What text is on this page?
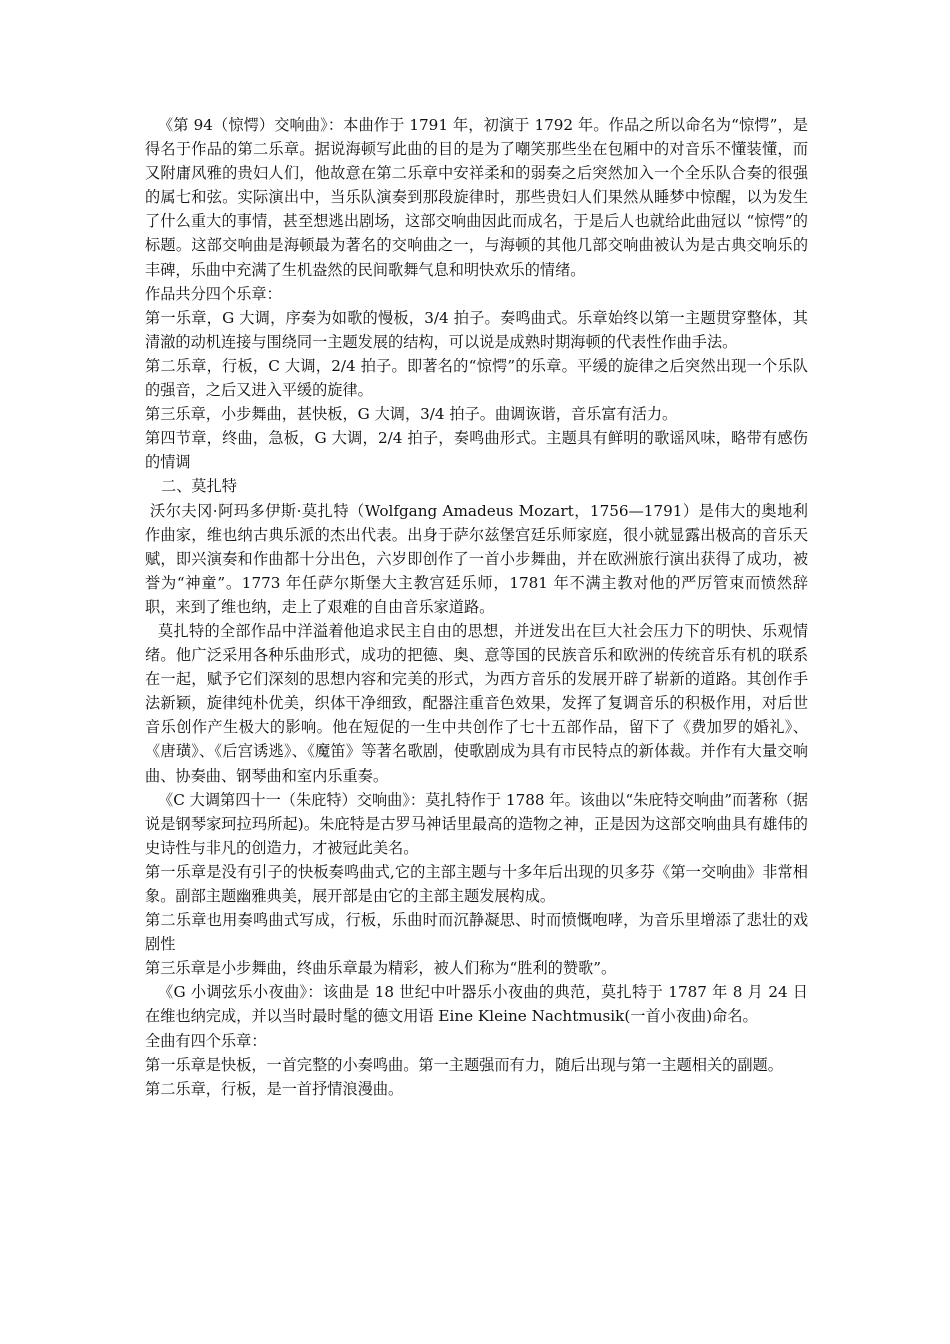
《第 94（惊愕）交响曲》：本曲作于 1791 年，初演于 1792 年。作品之所以命名为“惊愕”，是得名于作品的第二乐章。据说海顿写此曲的目的是为了嘲笑那些坐在包厢中的对音乐不懂装懂，而又附庸风雅的贵妇人们，他故意在第二乐章中安祥柔和的弱奏之后突然加入一个全乐队合奏的很强的属七和弦。实际演出中，当乐队演奏到那段旋律时，那些贵妇人们果然从睡梦中惊醒，以为发生了什么重大的事情，甚至想逃出剧场，这部交响曲因此而成名，于是后人也就给此曲冠以 “惊愕”的标题。这部交响曲是海顿最为著名的交响曲之一，与海顿的其他几部交响曲被认为是古典交响乐的丰碑，乐曲中充满了生机盎然的民间歌舞气息和明快欢乐的情绪。

作品共分四个乐章：

第一乐章，G 大调，序奏为如歌的慢板，3/4 拍子。奏鸣曲式。乐章始终以第一主题贯穿整体，其清澈的动机连接与围绕同一主题发展的结构，可以说是成熟时期海顿的代表性作曲手法。

第二乐章，行板，C 大调，2/4 拍子。即著名的“惊愕”的乐章。平缓的旋律之后突然出现一个乐队的强音，之后又进入平缓的旋律。

第三乐章，小步舞曲，甚快板，G 大调，3/4 拍子。曲调诙谐，音乐富有活力。

第四节章，终曲，急板，G 大调，2/4 拍子，奏鸣曲形式。主题具有鲜明的歌谣风味，略带有感伤的情调

二、莫扎特

沃尔夫冈·阿玛多伊斯·莫扎特（Wolfgang Amadeus Mozart，1756—1791）是伟大的奥地利作曲家，维也纳古典乐派的杰出代表。出身于萨尔兹堡宫廷乐师家庭，很小就显露出极高的音乐天赋，即兴演奏和作曲都十分出色，六岁即创作了一首小步舞曲，并在欧洲旅行演出获得了成功，被誉为“神童”。1773 年任萨尔斯堡大主教宫廷乐师，1781 年不满主教对他的严厉管束而愤然辞职，来到了维也纳，走上了艰难的自由音乐家道路。

莫扎特的全部作品中洋溢着他追求民主自由的思想，并迸发出在巨大社会压力下的明快、乐观情绪。他广泛采用各种乐曲形式，成功的把德、奥、意等国的民族音乐和欧洲的传统音乐有机的联系在一起，赋予它们深刻的思想内容和完美的形式，为西方音乐的发展开辟了崭新的道路。其创作手法新颖，旋律纯朴优美，织体干净细致，配器注重音色效果，发挥了复调音乐的积极作用，对后世音乐创作产生极大的影响。他在短促的一生中共创作了七十五部作品，留下了《费加罗的婚礼》、《唐璜》、《后宫诱逃》、《魔笛》等著名歌剧，使歌剧成为具有市民特点的新体裁。并作有大量交响曲、协奏曲、钢琴曲和室内乐重奏。

《C 大调第四十一（朱庇特）交响曲》：莫扎特作于 1788 年。该曲以“朱庇特交响曲”而著称（据说是钢琴家珂拉玛所起)。朱庇特是古罗马神话里最高的造物之神，正是因为这部交响曲具有雄伟的史诗性与非凡的创造力，才被冠此美名。

第一乐章是没有引子的快板奏鸣曲式,它的主部主题与十多年后出现的贝多芬《第一交响曲》非常相象。副部主题幽雅典美，展开部是由它的主部主题发展构成。

第二乐章也用奏鸣曲式写成，行板，乐曲时而沉静凝思、时而愤慨咆哮，为音乐里增添了悲壮的戏剧性

第三乐章是小步舞曲，终曲乐章最为精彩，被人们称为“胜利的赞歌”。

《G 小调弦乐小夜曲》：该曲是 18 世纪中叶器乐小夜曲的典范，莫扎特于 1787 年 8 月 24 日在维也纳完成，并以当时最时髦的德文用语 Eine Kleine Nachtmusik(一首小夜曲)命名。

全曲有四个乐章：

第一乐章是快板，一首完整的小奏鸣曲。第一主题强而有力，随后出现与第一主题相关的副题。

第二乐章，行板，是一首抒情浪漫曲。
